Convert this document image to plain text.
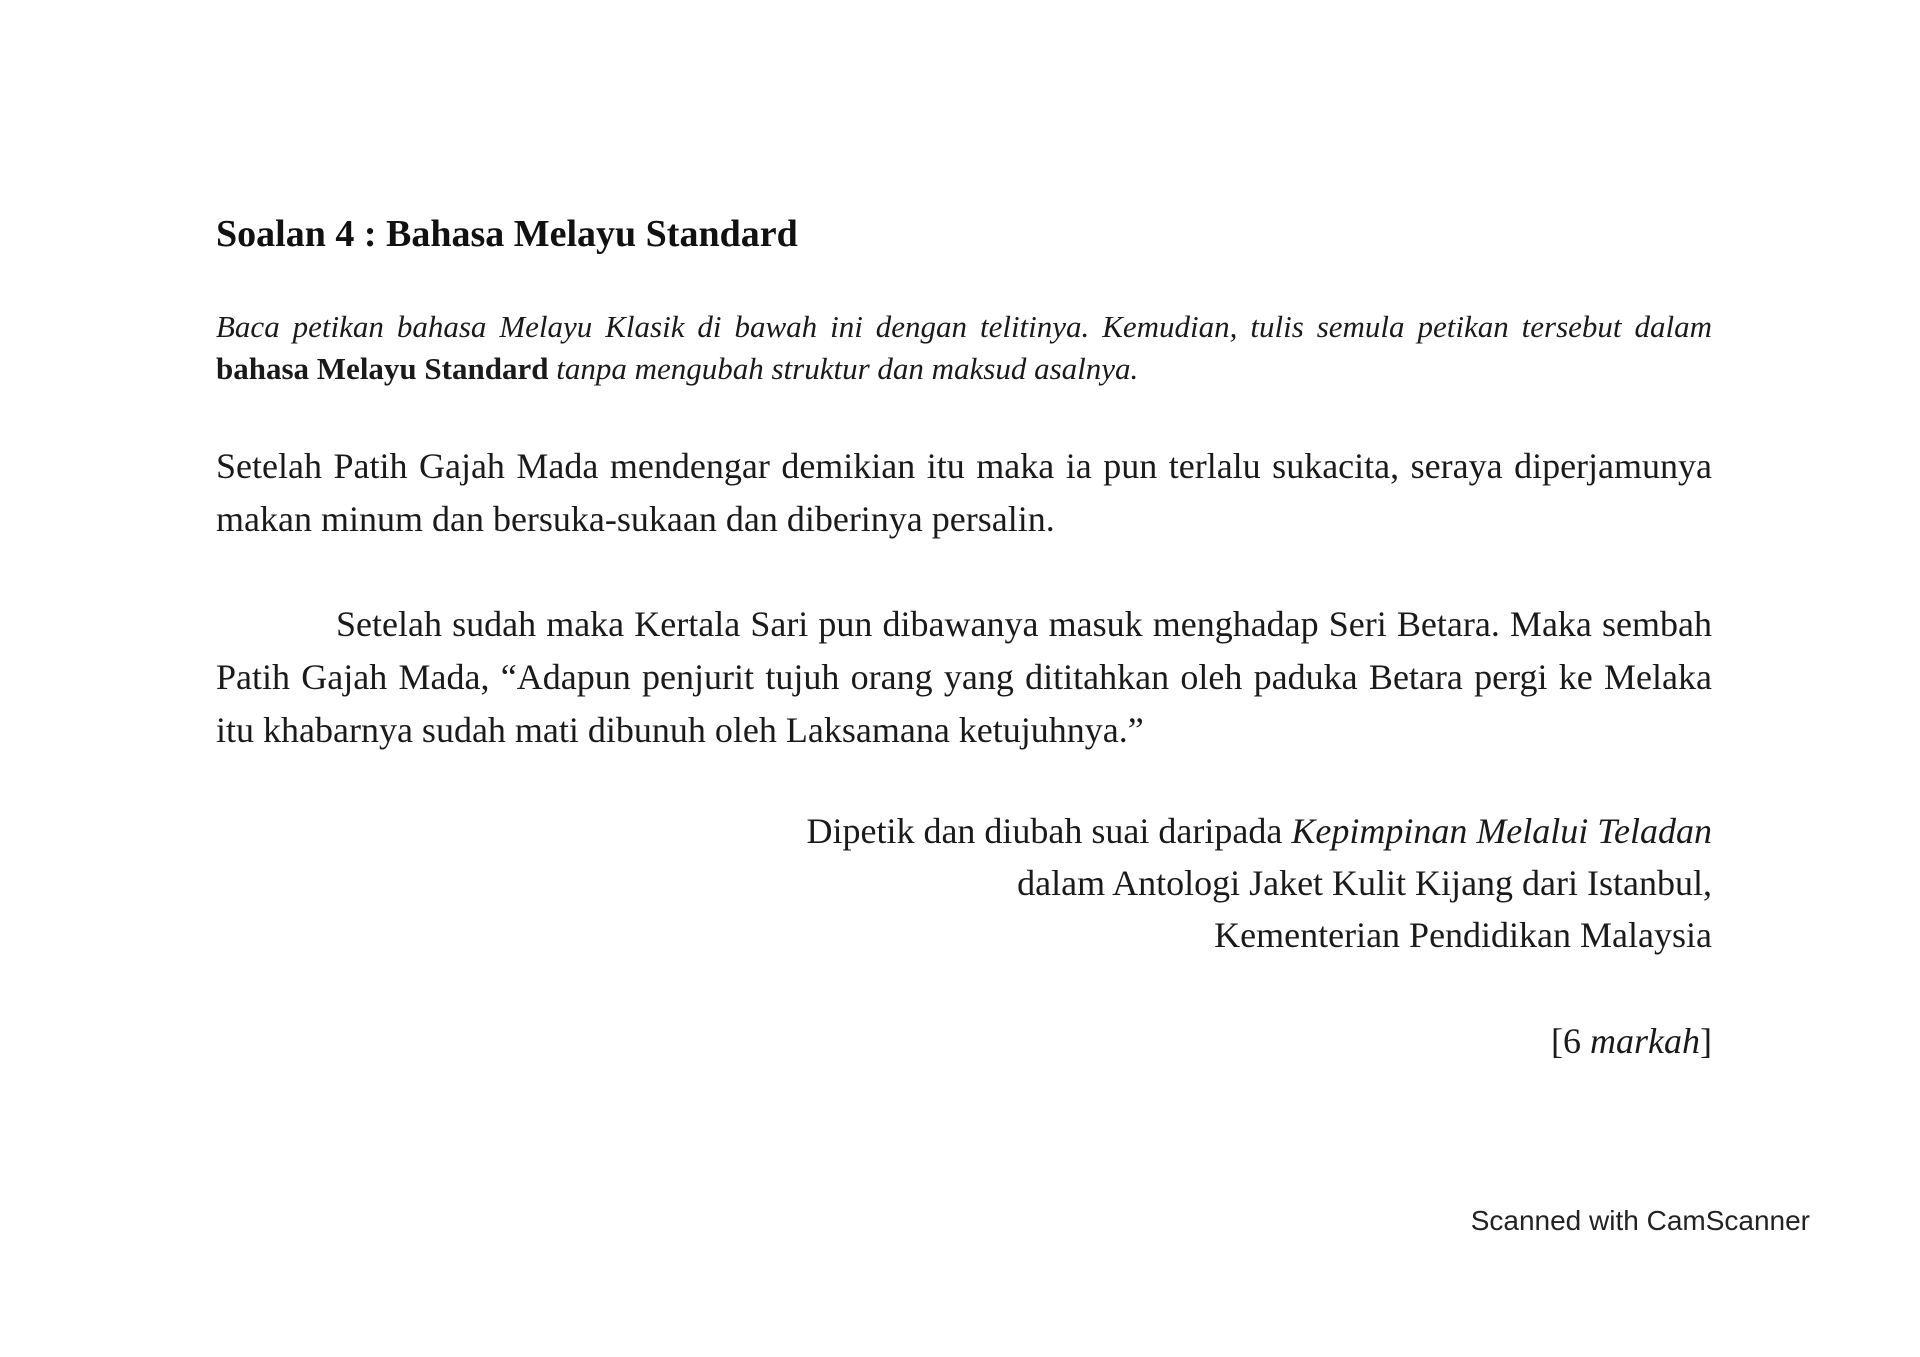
Soalan 4 : Bahasa Melayu Standard
Baca petikan bahasa Melayu Klasik di bawah ini dengan telitinya. Kemudian, tulis semula petikan tersebut dalam bahasa Melayu Standard tanpa mengubah struktur dan maksud asalnya.
Setelah Patih Gajah Mada mendengar demikian itu maka ia pun terlalu sukacita, seraya diperjamunya makan minum dan bersuka-sukaan dan diberinya persalin.
Setelah sudah maka Kertala Sari pun dibawanya masuk menghadap Seri Betara. Maka sembah Patih Gajah Mada, “Adapun penjurit tujuh orang yang dititahkan oleh paduka Betara pergi ke Melaka itu khabarnya sudah mati dibunuh oleh Laksamana ketujuhnya.”
Dipetik dan diubah suai daripada Kepimpinan Melalui Teladan
dalam Antologi Jaket Kulit Kijang dari Istanbul,
Kementerian Pendidikan Malaysia
[6 markah]
Scanned with CamScanner
